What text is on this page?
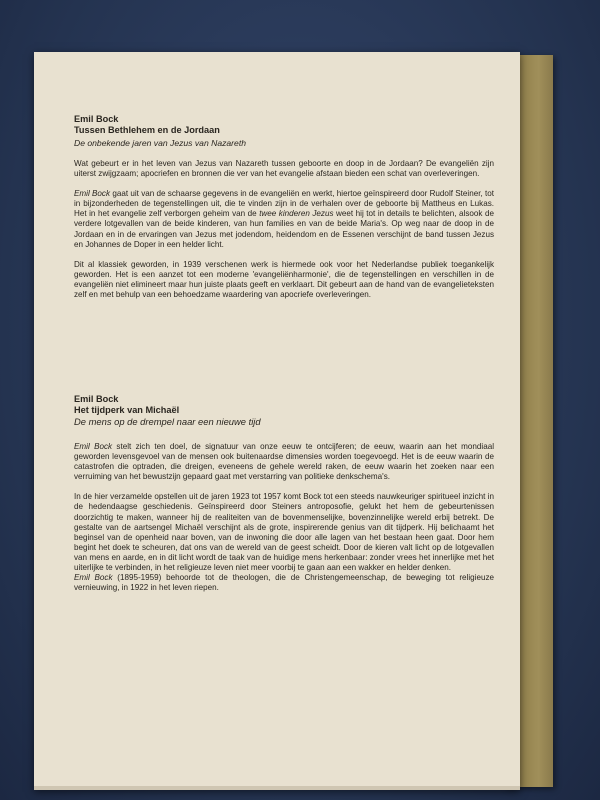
Emil Bock
Tussen Bethlehem en de Jordaan
De onbekende jaren van Jezus van Nazareth

Wat gebeurt er in het leven van Jezus van Nazareth tussen geboorte en doop in de Jordaan? De evangeliën zijn uiterst zwijgzaam; apocriefen en bronnen die ver van het evangelie afstaan bieden een schat van overleveringen.

Emil Bock gaat uit van de schaarse gegevens in de evangeliën en werkt, hiertoe geïnspireerd door Rudolf Steiner, tot in bijzonderheden de tegenstellingen uit, die te vinden zijn in de verhalen over de geboorte bij Mattheus en Lukas. Het in het evangelie zelf verborgen geheim van de twee kinderen Jezus weet hij tot in details te belichten, alsook de verdere lotgevallen van de beide kinderen, van hun families en van de beide Maria's. Op weg naar de doop in de Jordaan en in de ervaringen van Jezus met jodendom, heidendom en de Essenen verschijnt de band tussen Jezus en Johannes de Doper in een helder licht.

Dit al klassiek geworden, in 1939 verschenen werk is hiermede ook voor het Nederlandse publiek toegankelijk geworden. Het is een aanzet tot een moderne 'evangeliënharmonie', die de tegenstellingen en verschillen in de evangeliën niet elimineert maar hun juiste plaats geeft en verklaart. Dit gebeurt aan de hand van de evangelieteksten zelf en met behulp van een behoedzame waardering van apocriefe overleveringen.

Emil Bock
Het tijdperk van Michaël
De mens op de drempel naar een nieuwe tijd

Emil Bock stelt zich ten doel, de signatuur van onze eeuw te ontcijferen; de eeuw, waarin aan het mondiaal geworden levensgevoel van de mensen ook buitenaardse dimensies worden toegevoegd. Het is de eeuw waarin de catastrofen die optraden, die dreigen, eveneens de gehele wereld raken, de eeuw waarin het zoeken naar een verruiming van het bewustzijn gepaard gaat met verstarring van politieke denkschema's.

In de hier verzamelde opstellen uit de jaren 1923 tot 1957 komt Bock tot een steeds nauwkeuriger spiritueel inzicht in de hedendaagse geschiedenis. Geïnspireerd door Steiners antroposofie, gelukt het hem de gebeurtenissen doorzichtig te maken, wanneer hij de realiteiten van de bovenmenselijke, bovenzinnelijke wereld erbij betrekt. De gestalte van de aartsengel Michaël verschijnt als de grote, inspirerende genius van dit tijdperk. Hij belichaamt het beginsel van de openheid naar boven, van de inwoning die door alle lagen van het bestaan heen gaat. Door hem begint het doek te scheuren, dat ons van de wereld van de geest scheidt. Door de kieren valt licht op de lotgevallen van mens en aarde, en in dit licht wordt de taak van de huidige mens herkenbaar: zonder vrees het innerlijke met het uiterlijke te verbinden, in het religieuze leven niet meer voorbij te gaan aan een wakker en helder denken.

Emil Bock (1895-1959) behoorde tot de theologen, die de Christengemeenschap, de beweging tot religieuze vernieuwing, in 1922 in het leven riepen.
